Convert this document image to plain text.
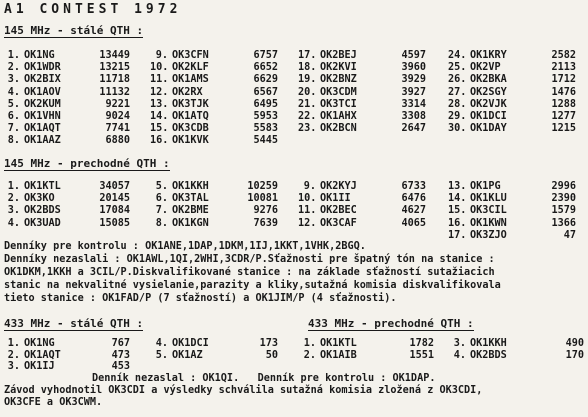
A1 CONTEST 1972
145 MHz - stálé QTH :
1. OK1NG	13449
2. OK1WDR	13215
3. OK2BIX	11718
4. OK1AOV	11132
5. OK2KUM	9221
6. OK1VHN	9024
7. OK1AQT	7741
8. OK1AAZ	6880
9. OK3CFN	6757
10. OK2KLF	6652
11. OK1AMS	6629
12. OK2RX	6567
13. OK3TJK	6495
14. OK1ATQ	5953
15. OK3CDB	5583
16. OK1KVK	5445
17. OK2BEJ	4597
18. OK2KVI	3960
19. OK2BNZ	3929
20. OK3CDM	3927
21. OK3TCI	3314
22. OK1AHX	3308
23. OK2BCN	2647
24. OK1KRY	2582
25. OK2VP	2113
26. OK2BKA	1712
27. OK2SGY	1476
28. OK2VJK	1288
29. OK1DCI	1277
30. OK1DAY	1215
145 MHz - prechodné QTH :
1. OK1KTL	34057
2. OK3KO	20145
3. OK2BDS	17084
4. OK3UAD	15085
5. OK1KKH	10259
6. OK3TAL	10081
7. OK2BME	9276
8. OK1KGN	7639
9. OK2KYJ	6733
10. OK1II	6476
11. OK2BEC	4627
12. OK3CAF	4065
13. OK1PG	2996
14. OK1KLU	2390
15. OK3CIL	1579
16. OK1KWN	1366
17. OK3ZJO	47
Denníky pre kontrolu : OK1ANE,1DAP,1DKM,1IJ,1KKT,1VHK,2BGQ.
Denníky nezaslali : OK1AWL,1QI,2WHI,3CDR/P.Sťažnosti pre špatný tón na stanice :
OK1DKM,1KKH a 3CIL/P.Diskvalifikované stanice : na základe sťažností sutažiacich
stanic na nekvalitné vysielanie,parazity a kliky,sutažná komisia diskvalifikovala
tieto stanice : OK1FAD/P (7 sťažností) a OK1JIM/P (4 sťažnosti).
433 MHz - stálé QTH :
1. OK1NG	767
2. OK1AQT	473
3. OK1IJ	453
4. OK1DCI	173
5. OK1AZ	50
433 MHz - prechodné QTH :
1. OK1KTL	1782
2. OK1AIB	1551
3. OK1KKH	490
4. OK2BDS	170
Denník nezaslal : OK1QI.   Denník pre kontrolu : OK1DAP.
Závod vyhodnotil OK3CDI a výsledky schválila sutažná komisia zložená z OK3CDI,
OK3CFE a OK3CWM.
